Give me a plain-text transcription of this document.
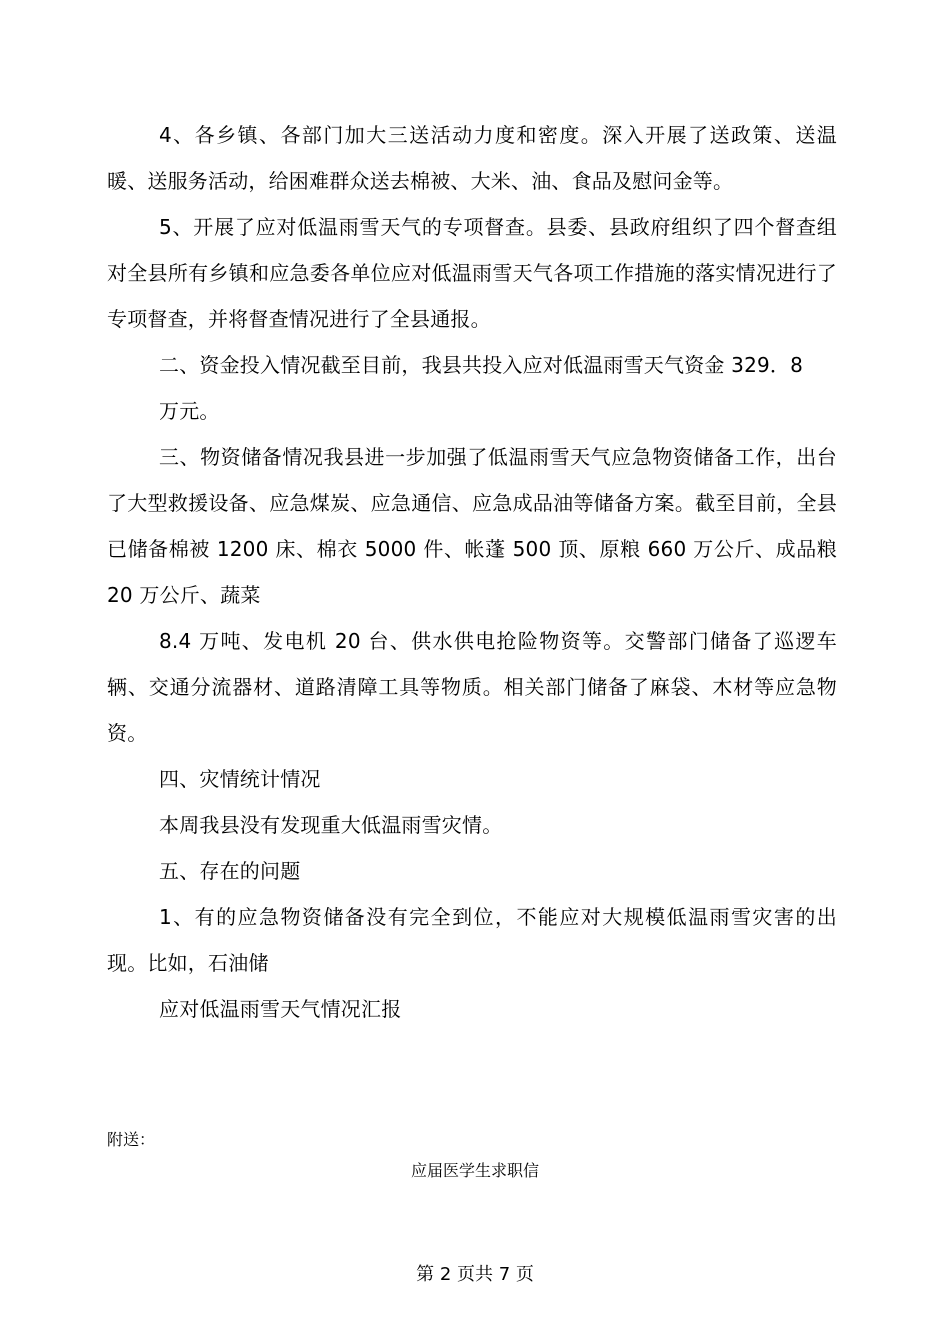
4、各乡镇、各部门加大三送活动力度和密度。深入开展了送政策、送温暖、送服务活动，给困难群众送去棉被、大米、油、食品及慰问金等。

5、开展了应对低温雨雪天气的专项督查。县委、县政府组织了四个督查组对全县所有乡镇和应急委各单位应对低温雨雪天气各项工作措施的落实情况进行了专项督查，并将督查情况进行了全县通报。

二、资金投入情况截至目前，我县共投入应对低温雨雪天气资金 329．8

万元。

三、物资储备情况我县进一步加强了低温雨雪天气应急物资储备工作，出台了大型救援设备、应急煤炭、应急通信、应急成品油等储备方案。截至目前，全县已储备棉被 1200 床、棉衣 5000 件、帐蓬 500 顶、原粮 660 万公斤、成品粮 20 万公斤、蔬菜

8.4 万吨、发电机 20 台、供水供电抢险物资等。交警部门储备了巡逻车辆、交通分流器材、道路清障工具等物质。相关部门储备了麻袋、木材等应急物资。

四、灾情统计情况

本周我县没有发现重大低温雨雪灾情。

五、存在的问题

1、有的应急物资储备没有完全到位，不能应对大规模低温雨雪灾害的出现。比如，石油储

应对低温雨雪天气情况汇报

附送：
应届医学生求职信
第 2 页共 7 页
